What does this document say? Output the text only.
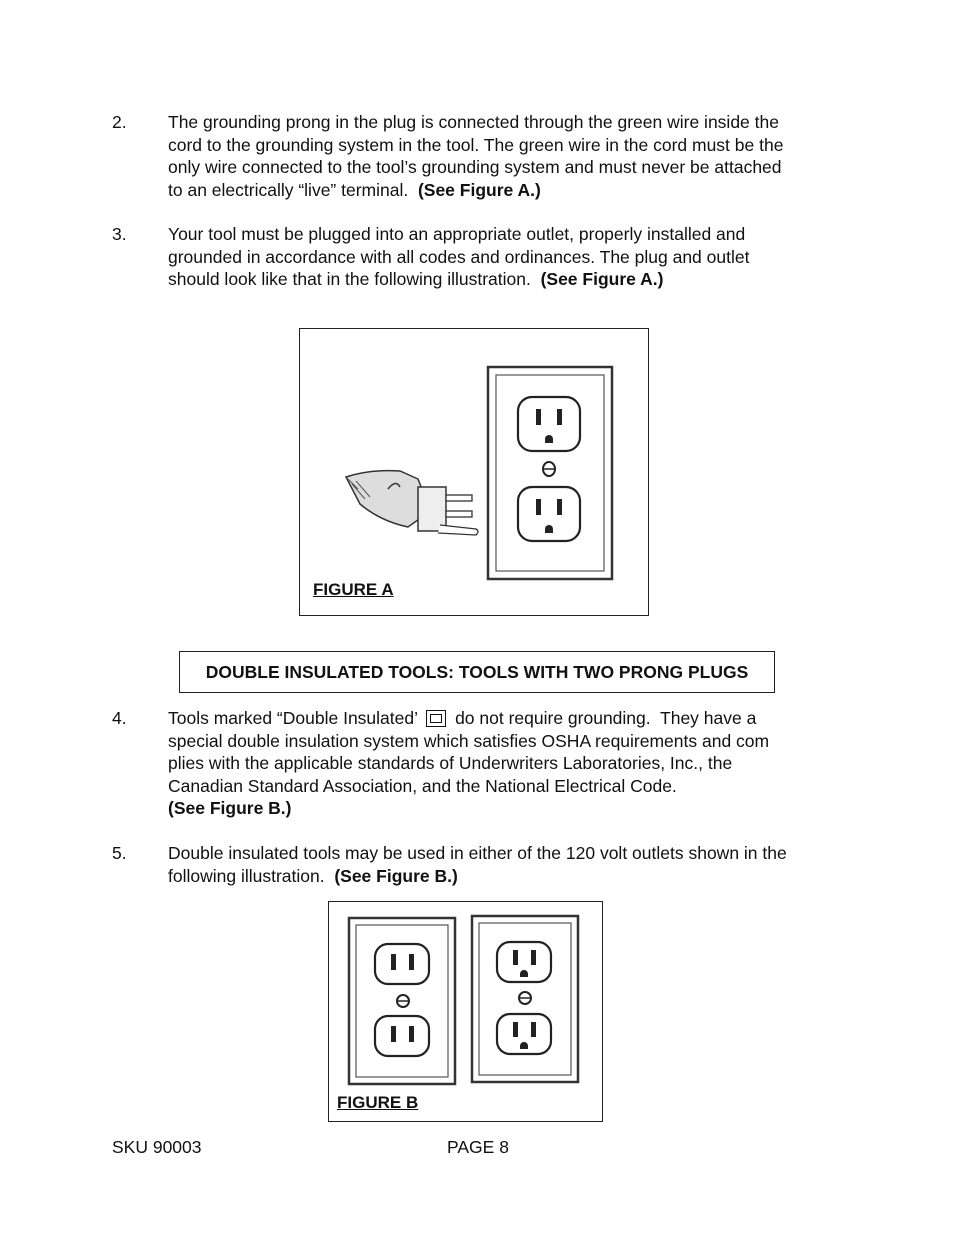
2. The grounding prong in the plug is connected through the green wire inside the
cord to the grounding system in the tool. The green wire in the cord must be the
only wire connected to the tool’s grounding system and must never be attached
to an electrically “live” terminal.  (See Figure A.)
3. Your tool must be plugged into an appropriate outlet, properly installed and
grounded in accordance with all codes and ordinances. The plug and outlet
should look like that in the following illustration.  (See Figure A.)
FIGURE A
DOUBLE INSULATED TOOLS: TOOLS WITH TWO PRONG PLUGS
4. Tools marked “Double Insulated’  do not require grounding.  They have a
special double insulation system which satisfies OSHA requirements and com
plies with the applicable standards of Underwriters Laboratories, Inc., the
Canadian Standard Association, and the National Electrical Code.
(See Figure B.)
5. Double insulated tools may be used in either of the 120 volt outlets shown in the
following illustration.  (See Figure B.)
FIGURE B
SKU 90003	PAGE 8
